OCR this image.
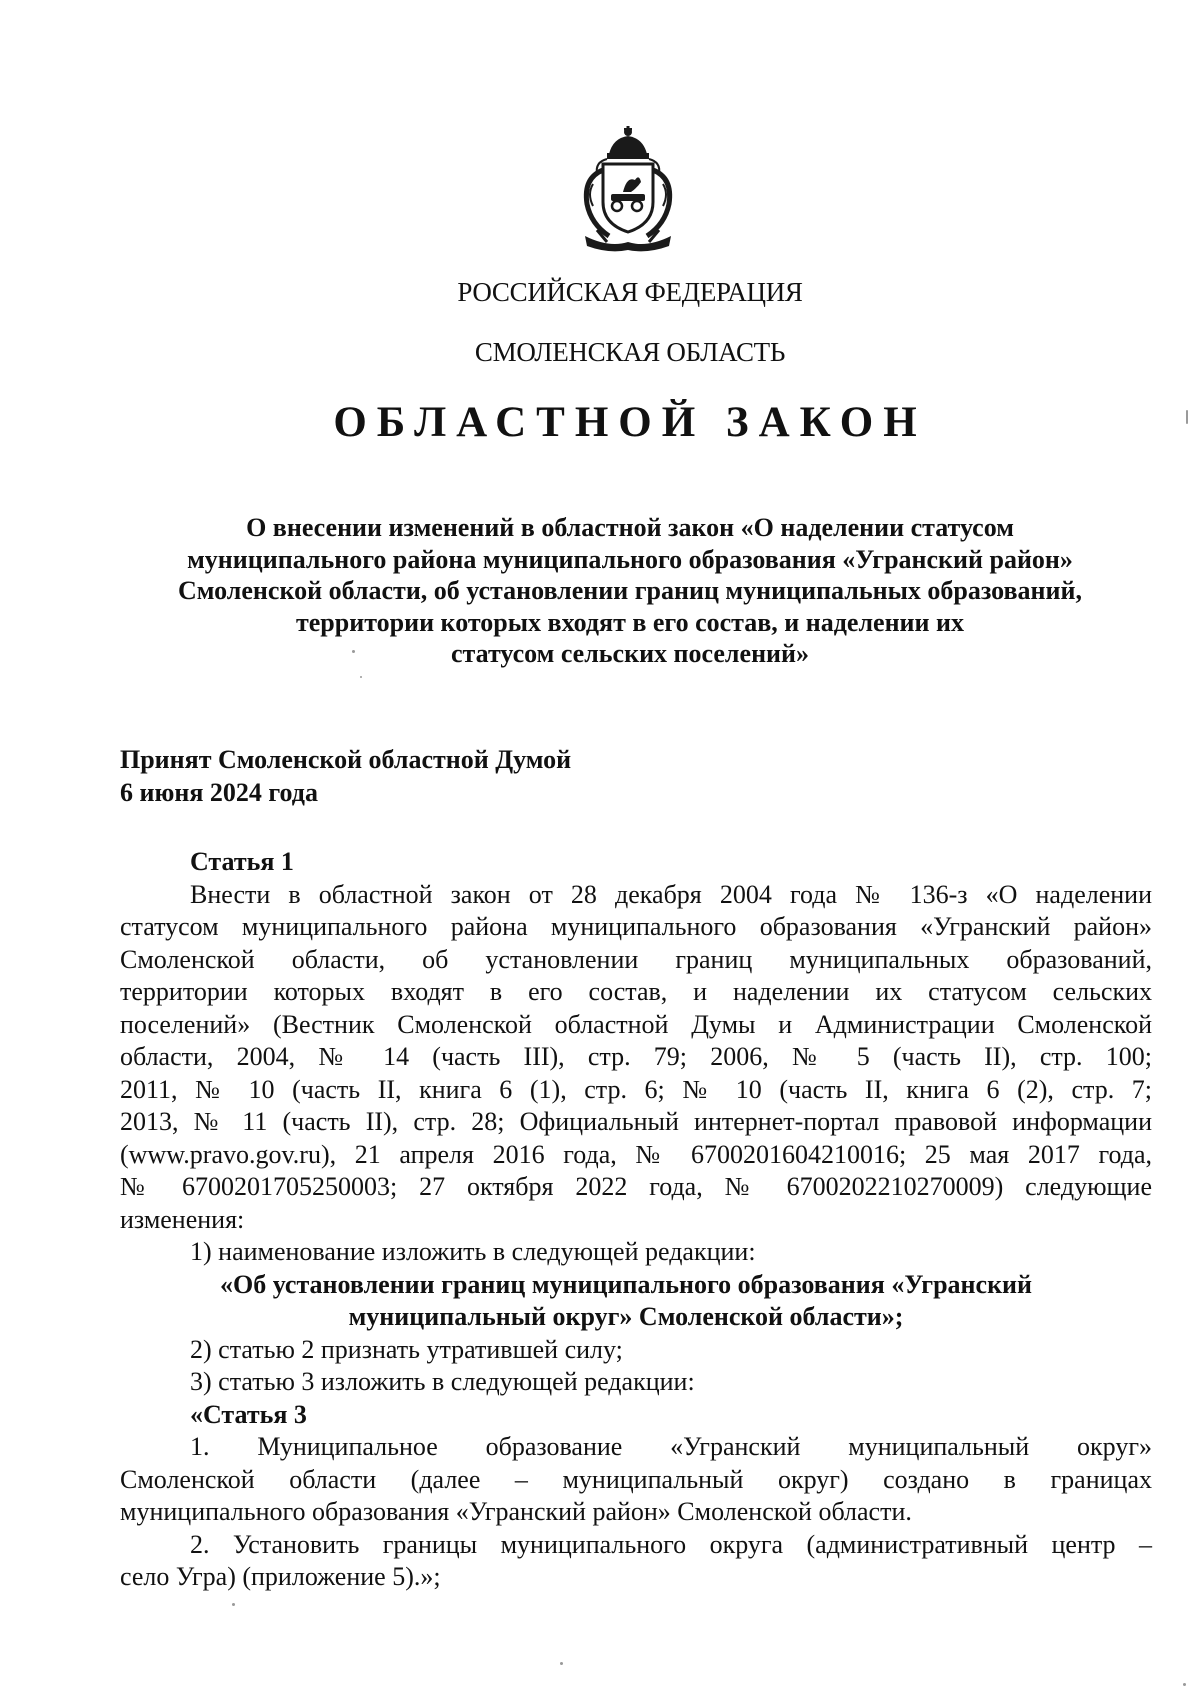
РОССИЙСКАЯ ФЕДЕРАЦИЯ
СМОЛЕНСКАЯ ОБЛАСТЬ
ОБЛАСТНОЙ ЗАКОН
О внесении изменений в областной закон «О наделении статусом
муниципального района муниципального образования «Угранский район»
Смоленской области, об установлении границ муниципальных образований,
территории которых входят в его состав, и наделении их
статусом сельских поселений»
Принят Смоленской областной Думой
6 июня 2024 года
Статья 1
Внести в областной закон от 28 декабря 2004 года № 136-з «О наделении
статусом муниципального района муниципального образования «Угранский район»
Смоленской области, об установлении границ муниципальных образований,
территории которых входят в его состав, и наделении их статусом сельских
поселений» (Вестник Смоленской областной Думы и Администрации Смоленской
области, 2004, № 14 (часть III), стр. 79; 2006, № 5 (часть II), стр. 100;
2011, № 10 (часть II, книга 6 (1), стр. 6; № 10 (часть II, книга 6 (2), стр. 7;
2013, № 11 (часть II), стр. 28; Официальный интернет-портал правовой информации
(www.pravo.gov.ru), 21 апреля 2016 года, № 6700201604210016; 25 мая 2017 года,
№ 6700201705250003; 27 октября 2022 года, № 6700202210270009) следующие
изменения:
1) наименование изложить в следующей редакции:
«Об установлении границ муниципального образования «Угранский
муниципальный округ» Смоленской области»;
2) статью 2 признать утратившей силу;
3) статью 3 изложить в следующей редакции:
«Статья 3
1. Муниципальное образование «Угранский муниципальный округ»
Смоленской области (далее – муниципальный округ) создано в границах
муниципального образования «Угранский район» Смоленской области.
2. Установить границы муниципального округа (административный центр –
село Угра) (приложение 5).»;
